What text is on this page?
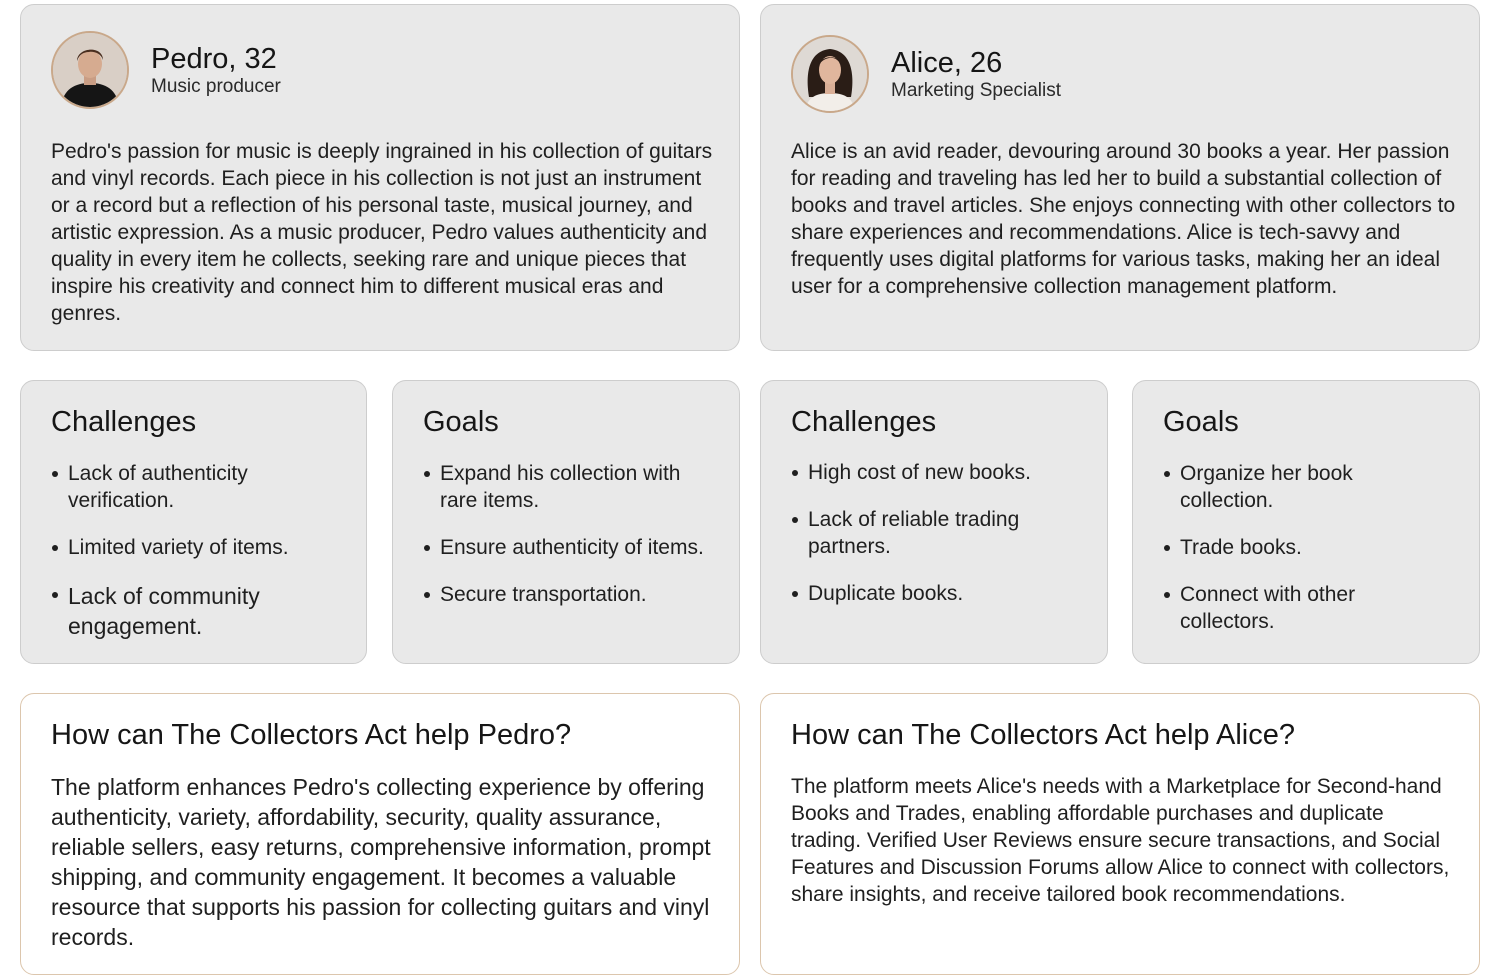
Pedro, 32
Music producer

Pedro's passion for music is deeply ingrained in his collection of guitars and vinyl records. Each piece in his collection is not just an instrument or a record but a reflection of his personal taste, musical journey, and artistic expression. As a music producer, Pedro values authenticity and quality in every item he collects, seeking rare and unique pieces that inspire his creativity and connect him to different musical eras and genres.

Alice, 26
Marketing Specialist

Alice is an avid reader, devouring around 30 books a year. Her passion for reading and traveling has led her to build a substantial collection of books and travel articles. She enjoys connecting with other collectors to share experiences and recommendations. Alice is tech-savvy and frequently uses digital platforms for various tasks, making her an ideal user for a comprehensive collection management platform.

Challenges
Lack of authenticity verification.
Limited variety of items.
Lack of community engagement.
Goals
Expand his collection with rare items.
Ensure authenticity of items.
Secure transportation.
Challenges
High cost of new books.
Lack of reliable trading partners.
Duplicate books.
Goals
Organize her book collection.
Trade books.
Connect with other collectors.
How can The Collectors Act help Pedro?

The platform enhances Pedro's collecting experience by offering authenticity, variety, affordability, security, quality assurance, reliable sellers, easy returns, comprehensive information, prompt shipping, and community engagement. It becomes a valuable resource that supports his passion for collecting guitars and vinyl records.

How can The Collectors Act help Alice?

The platform meets Alice's needs with a Marketplace for Second-hand Books and Trades, enabling affordable purchases and duplicate trading. Verified User Reviews ensure secure transactions, and Social Features and Discussion Forums allow Alice to connect with collectors, share insights, and receive tailored book recommendations.
